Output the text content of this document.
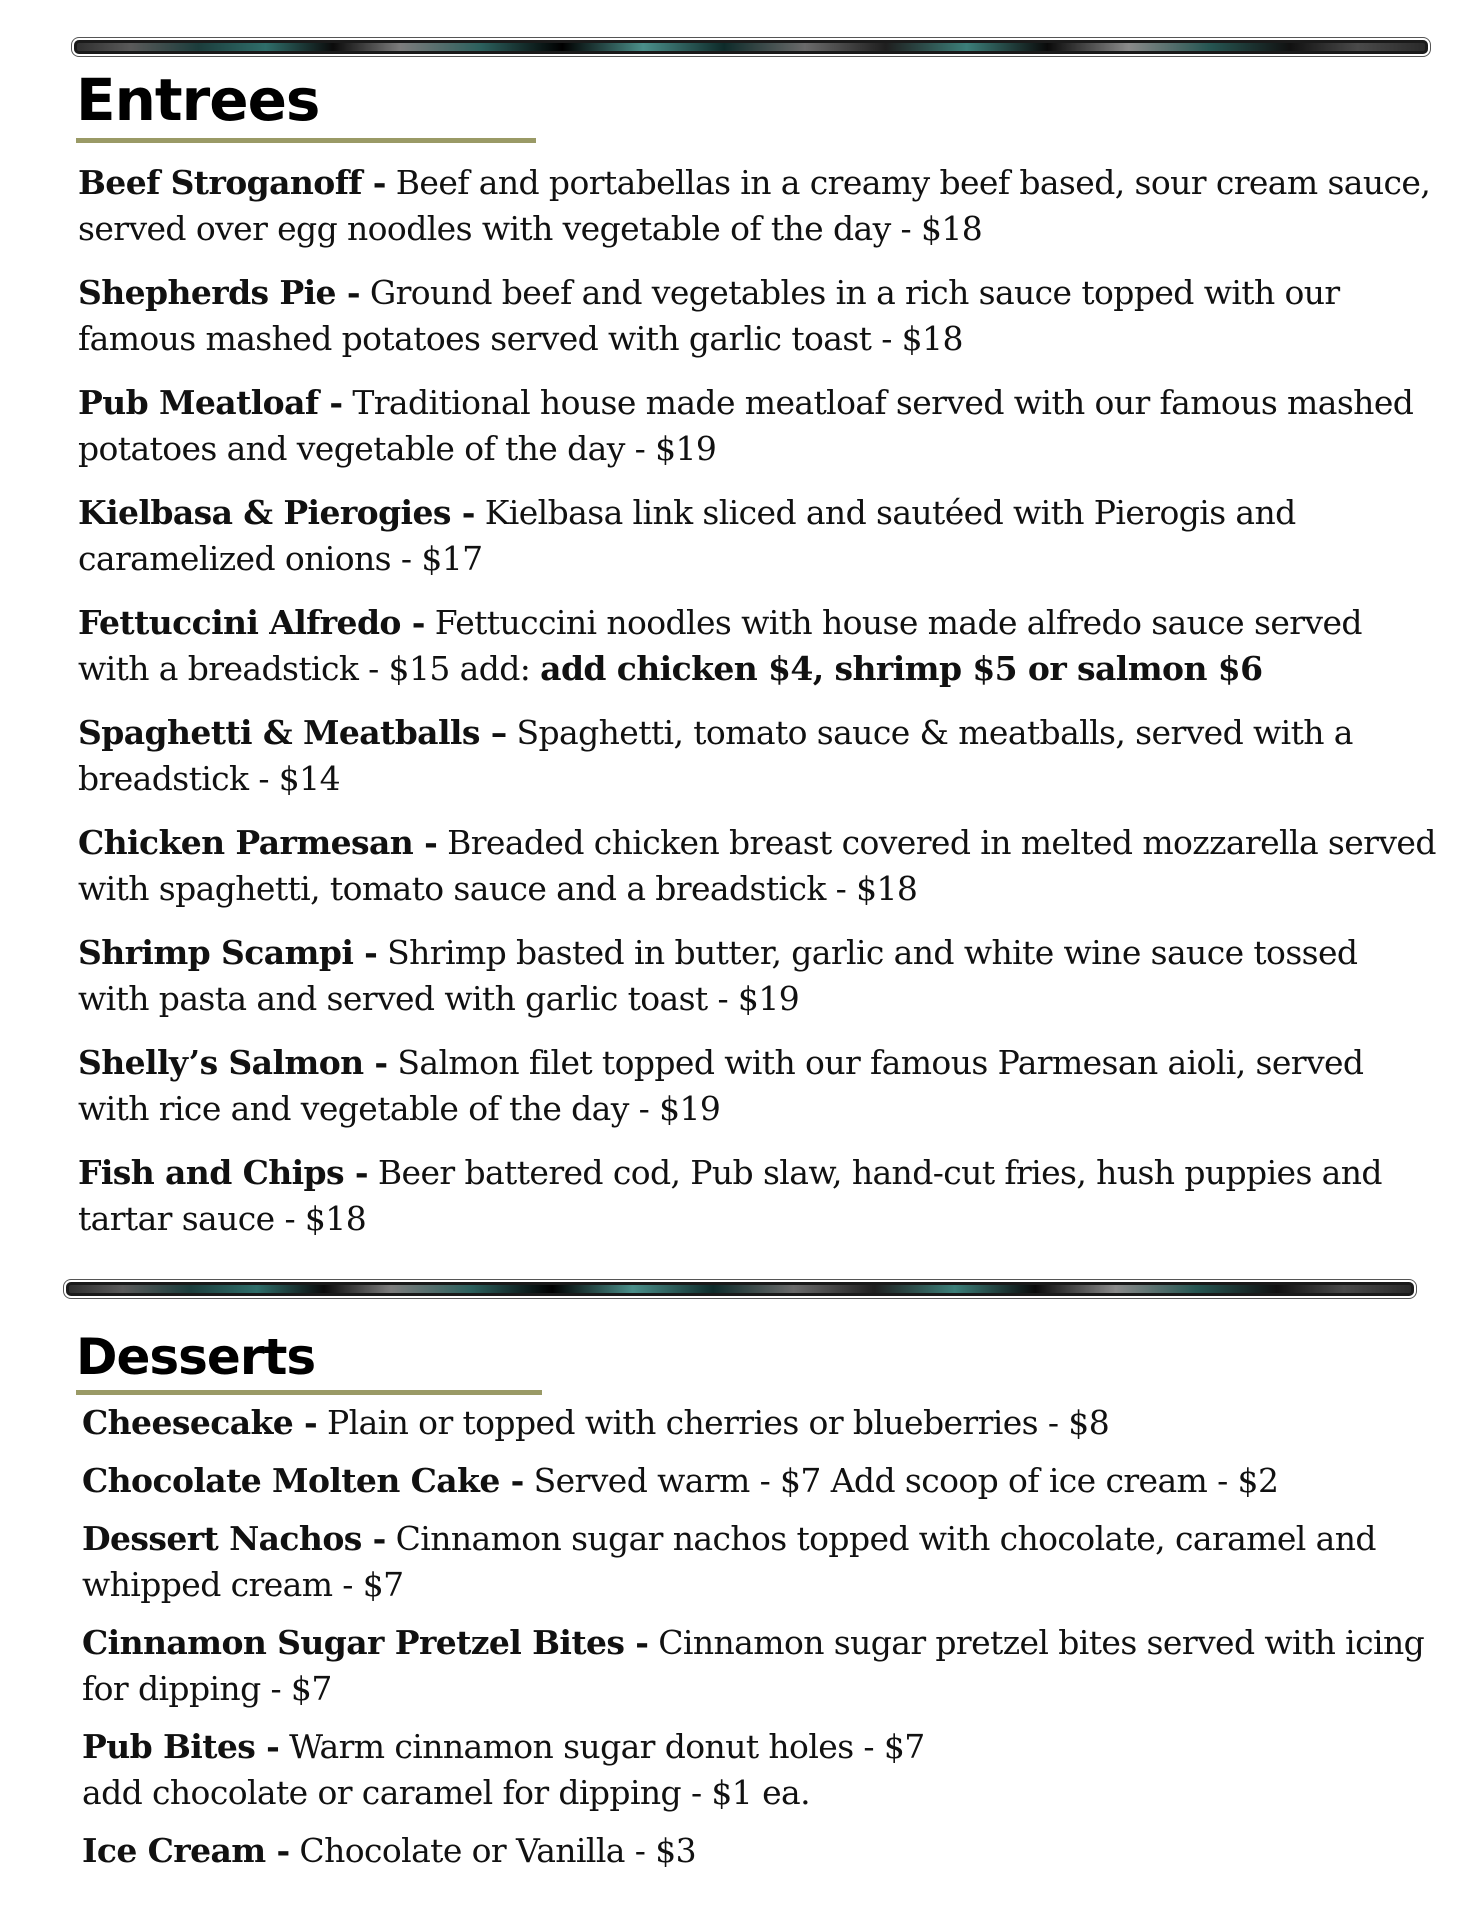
Entrees
Beef Stroganoff - Beef and portabellas in a creamy beef based, sour cream sauce, served over egg noodles with vegetable of the day - $18
Shepherds Pie - Ground beef and vegetables in a rich sauce topped with our famous mashed potatoes served with garlic toast - $18
Pub Meatloaf - Traditional house made meatloaf served with our famous mashed potatoes and vegetable of the day - $19
Kielbasa & Pierogies - Kielbasa link sliced and sautéed with Pierogis and caramelized onions - $17
Fettuccini Alfredo - Fettuccini noodles with house made alfredo sauce served with a breadstick - $15 add: add chicken $4, shrimp $5 or salmon $6
Spaghetti & Meatballs – Spaghetti, tomato sauce & meatballs, served with a breadstick - $14
Chicken Parmesan - Breaded chicken breast covered in melted mozzarella served with spaghetti, tomato sauce and a breadstick - $18
Shrimp Scampi - Shrimp basted in butter, garlic and white wine sauce tossed with pasta and served with garlic toast - $19
Shelly’s Salmon - Salmon filet topped with our famous Parmesan aioli, served with rice and vegetable of the day - $19
Fish and Chips - Beer battered cod, Pub slaw, hand-cut fries, hush puppies and tartar sauce - $18
Desserts
Cheesecake - Plain or topped with cherries or blueberries - $8
Chocolate Molten Cake - Served warm - $7 Add scoop of ice cream - $2
Dessert Nachos - Cinnamon sugar nachos topped with chocolate, caramel and whipped cream - $7
Cinnamon Sugar Pretzel Bites - Cinnamon sugar pretzel bites served with icing for dipping - $7
Pub Bites - Warm cinnamon sugar donut holes - $7
add chocolate or caramel for dipping - $1 ea.
Ice Cream - Chocolate or Vanilla - $3
